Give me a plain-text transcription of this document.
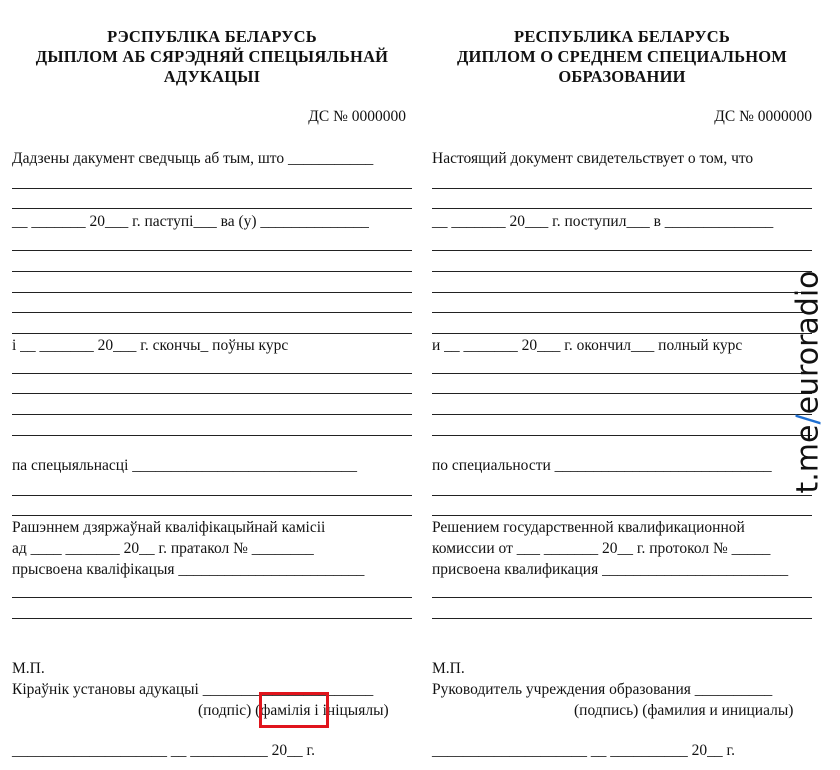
РЭСПУБЛІКА БЕЛАРУСЬ
ДЫПЛОМ АБ СЯРЭДНЯЙ СПЕЦЫЯЛЬНАЙ
АДУКАЦЫІ
ДС № 0000000
Дадзены дакумент сведчыць аб тым, што ___________
__ _______ 20___ г. паступі___ ва (у) ______________
і __ _______ 20___ г. скончы_ поўны курс
па спецыяльнасці _____________________________
Рашэннем дзяржаўнай кваліфікацыйнай камісіі
ад ____ _______ 20__ г. пратакол № ________
прысвоена кваліфікацыя ________________________
М.П.
Кіраўнік установы адукацыі ______________________
(подпіс) (фамілія і ініцыялы)
____________________ __ __________ 20__ г.
РЕСПУБЛИКА БЕЛАРУСЬ
ДИПЛОМ О СРЕДНЕМ СПЕЦИАЛЬНОМ
ОБРАЗОВАНИИ
ДС № 0000000
Настоящий документ свидетельствует о том, что
__ _______ 20___ г. поступил___ в ______________
и __ _______ 20___ г. окончил___ полный курс
по специальности ____________________________
Решением государственной квалификационной
комиссии от ___ _______ 20__ г. протокол № _____
присвоена квалификация ________________________
М.П.
Руководитель учреждения образования __________
(подпись) (фамилия и инициалы)
____________________ __ __________ 20__ г.
t.me/euroradio
